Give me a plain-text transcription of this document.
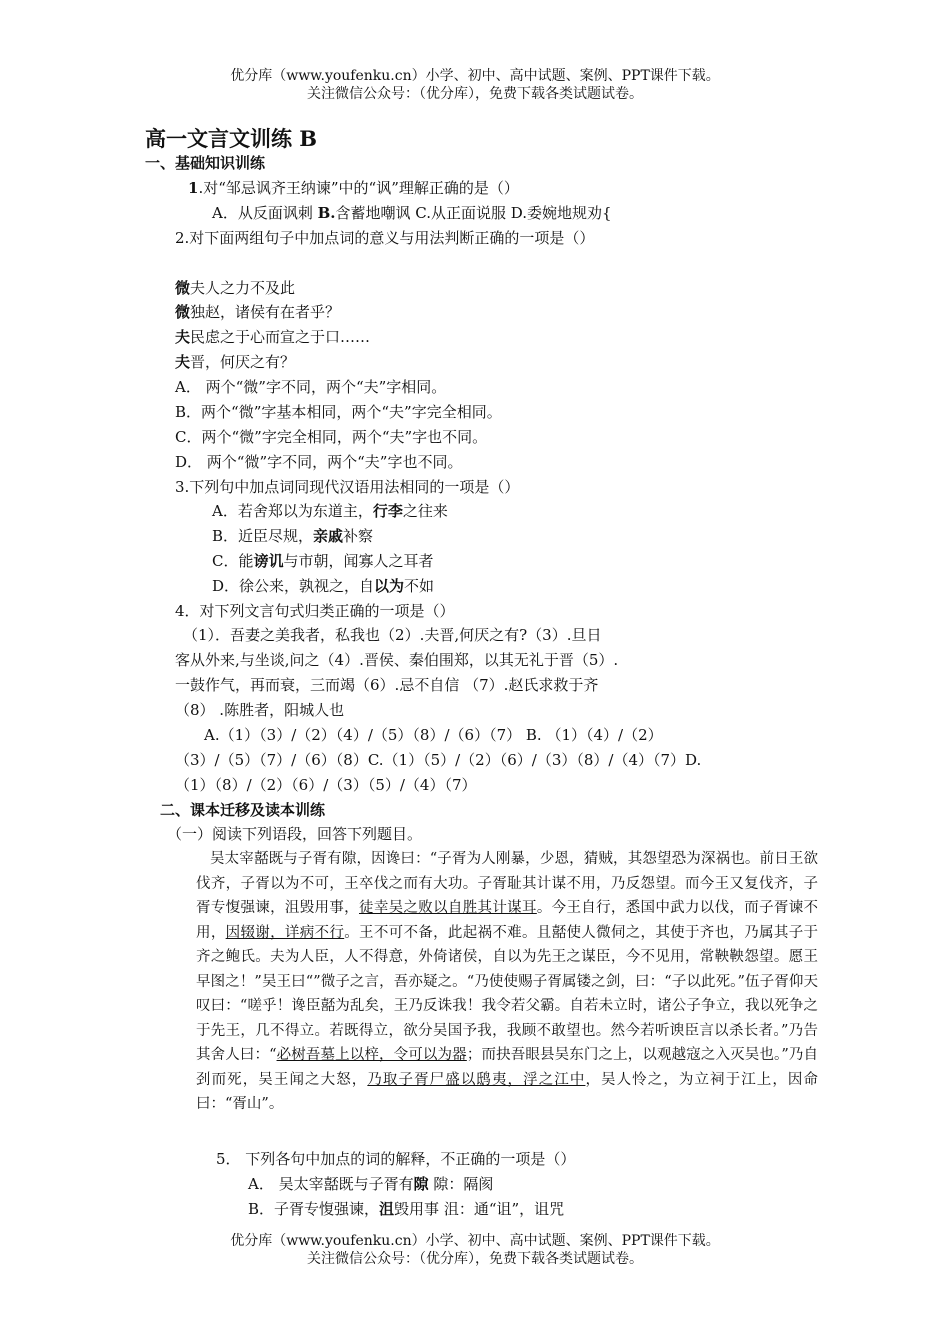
优分库（www.youfenku.cn）小学、初中、高中试题、案例、PPT课件下载。
关注微信公众号：（优分库），免费下载各类试题试卷。
高一文言文训练 B
一、基础知识训练
1.对“邹忌讽齐王纳谏”中的“讽”理解正确的是（）
A．从反面讽刺 B.含蓄地嘲讽 C.从正面说服 D.委婉地规劝{
2.对下面两组句子中加点词的意义与用法判断正确的一项是（）
微夫人之力不及此
微独赵，诸侯有在者乎？
夫民虑之于心而宣之于口……
夫晋，何厌之有？
A． 两个“微”字不同，两个“夫”字相同。
B．两个“微”字基本相同，两个“夫”字完全相同。
C．两个“微”字完全相同，两个“夫”字也不同。
D． 两个“微”字不同，两个“夫”字也不同。
3.下列句中加点词同现代汉语用法相同的一项是（）
A．若舍郑以为东道主，行李之往来
B．近臣尽规，亲戚补察
C．能谤讥与市朝，闻寡人之耳者
D．徐公来，孰视之，自以为不如
4．对下列文言句式归类正确的一项是（）
（1）．吾妻之美我者，私我也（2）.夫晋,何厌之有?（3）.旦日
客从外来,与坐谈,问之（4）.晋侯、秦伯围郑，以其无礼于晋（5）.
一鼓作气，再而衰，三而竭（6）.忌不自信 （7）.赵氏求救于齐
（8） .陈胜者，阳城人也
A.（1）（3）/（2）（4）/（5）（8）/（6）（7） B. （1）（4）/（2）
（3）/（5）（7）/（6）（8）C.（1）（5）/（2）（6）/（3）（8）/（4）（7）D.
（1）（8）/（2）（6）/（3）（5）/（4）（7）
二、课本迁移及读本训练
（一）阅读下列语段，回答下列题目。
吴太宰嚭既与子胥有隙，因谗曰：“子胥为人刚暴，少恩，猜贼，其怨望恐为深祸也。前日王欲伐齐，子胥以为不可，王卒伐之而有大功。子胥耻其计谋不用，乃反怨望。而今王又复伐齐，子胥专愎强谏，沮毁用事，徒幸吴之败以自胜其计谋耳。今王自行，悉国中武力以伐，而子胥谏不用，因辍谢，详病不行。王不可不备，此起祸不难。且嚭使人微伺之，其使于齐也，乃属其子于齐之鲍氏。夫为人臣，人不得意，外倚诸侯，自以为先王之谋臣，今不见用，常鞅鞅怨望。愿王早图之！”吴王曰“”微子之言，吾亦疑之。“乃使使赐子胥属镂之剑，曰：“子以此死。”伍子胥仰天叹曰：“嗟乎！谗臣嚭为乱矣，王乃反诛我！我令若父霸。自若未立时，诸公子争立，我以死争之于先王，几不得立。若既得立，欲分吴国予我，我顾不敢望也。然今若听谀臣言以杀长者。”乃告其舍人曰：“必树吾墓上以梓，令可以为器；而抉吾眼县吴东门之上，以观越寇之入灭吴也。”乃自刭而死，吴王闻之大怒，乃取子胥尸盛以鸱夷，浮之江中，吴人怜之，为立祠于江上，因命曰：“胥山”。
5． 下列各句中加点的词的解释，不正确的一项是（）
A． 吴太宰嚭既与子胥有隙 隙：隔阂
B．子胥专愎强谏，沮毁用事 沮：通“诅”，诅咒
优分库（www.youfenku.cn）小学、初中、高中试题、案例、PPT课件下载。
关注微信公众号：（优分库），免费下载各类试题试卷。
